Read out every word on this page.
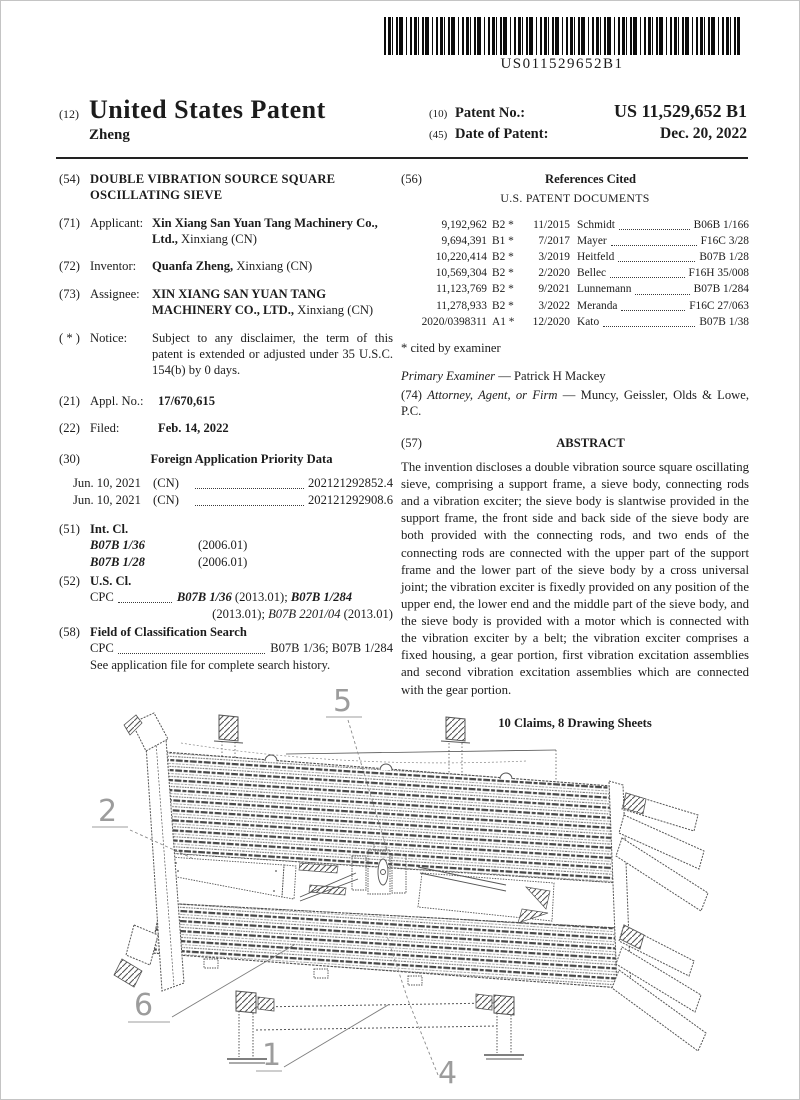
US011529652B1
(12) United States Patent
Zheng
(10) Patent No.:	US 11,529,652 B1
(45) Date of Patent:	Dec. 20, 2022
(54) DOUBLE VIBRATION SOURCE SQUARE
OSCILLATING SIEVE
(71) Applicant: Xin Xiang San Yuan Tang Machinery Co., Ltd., Xinxiang (CN)
(72) Inventor:	Quanfa Zheng, Xinxiang (CN)
(73) Assignee: XIN XIANG SAN YUAN TANG MACHINERY CO., LTD., Xinxiang (CN)
( * ) Notice:	Subject to any disclaimer, the term of this patent is extended or adjusted under 35 U.S.C. 154(b) by 0 days.
(21) Appl. No.:	17/670,615
(22) Filed:	Feb. 14, 2022
(30)	Foreign Application Priority Data
Jun. 10, 2021 (CN)	202121292852.4
Jun. 10, 2021 (CN)	202121292908.6
(51) Int. Cl.
B07B 1/36	(2006.01)
B07B 1/28	(2006.01)
(52) U.S. Cl.
CPC	B07B 1/36 (2013.01); B07B 1/284
(2013.01); B07B 2201/04 (2013.01)
(58) Field of Classification Search
CPC	B07B 1/36; B07B 1/284
See application file for complete search history.
(56)	References Cited
U.S. PATENT DOCUMENTS
9,192,962 B2 *	11/2015 Schmidt	B06B 1/166
9,694,391 B1 *	7/2017 Mayer	F16C 3/28
10,220,414 B2 *	3/2019 Heitfeld	B07B 1/28
10,569,304 B2 *	2/2020 Bellec	F16H 35/008
11,123,769 B2 *	9/2021 Lunnemann	B07B 1/284
11,278,933 B2 *	3/2022 Meranda	F16C 27/063
2020/0398311 A1 *	12/2020 Kato	B07B 1/38
* cited by examiner
Primary Examiner — Patrick H Mackey
(74) Attorney, Agent, or Firm — Muncy, Geissler, Olds & Lowe, P.C.
(57)	ABSTRACT
The invention discloses a double vibration source square oscillating sieve, comprising a support frame, a sieve body, connecting rods and a vibration exciter; the sieve body is slantwise provided in the support frame, the front side and back side of the sieve body are both provided with the connecting rods, and two ends of the connecting rods are connected with the upper part of the support frame and the lower part of the sieve body by a cross universal joint; the vibration exciter is fixedly provided on any position of the upper end, the lower end and the middle part of the sieve body, and the sieve body is provided with a motor which is connected with the vibration exciter by a belt; the vibration exciter comprises a fixed housing, a gear portion, first vibration excitation assemblies and second vibration excitation assemblies which are connected with the gear portion.
10 Claims, 8 Drawing Sheets
5
2
6
1
4
